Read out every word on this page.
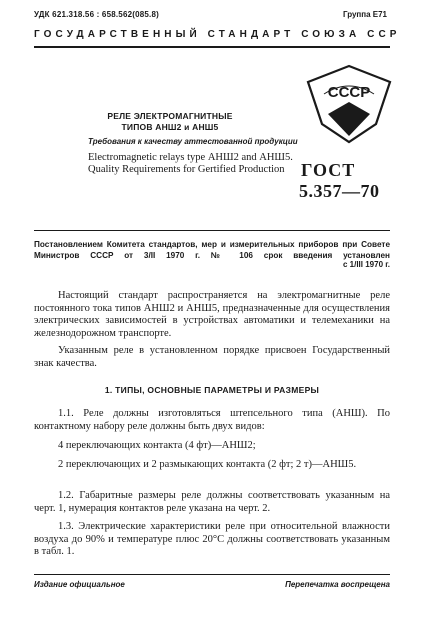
УДК 621.318.56 : 658.562(085.8)	Группа Е71
ГОСУДАРСТВЕННЫЙ СТАНДАРТ СОЮЗА ССР
РЕЛЕ ЭЛЕКТРОМАГНИТНЫЕ
ТИПОВ АНШ2 и АНШ5
Требования к качеству аттестованной продукции
Electromagnetic relays type АНШ2 and АНШ5.
Quality Requirements for Gertified Production
СССР
ГОСТ
5.357—70
Постановлением Комитета стандартов, мер и измерительных приборов при Совете Министров СССР от 3/II 1970 г. № 106 срок введения установлен
с 1/III 1970 г.
Настоящий стандарт распространяется на электромагнитные реле постоянного тока типов АНШ2 и АНШ5, предназначенные для осуществления электрических зависимостей в устройствах автоматики и телемеханики на железнодорожном транспорте.
Указанным реле в установленном порядке присвоен Государственный знак качества.
1. ТИПЫ, ОСНОВНЫЕ ПАРАМЕТРЫ И РАЗМЕРЫ
1.1. Реле должны изготовляться штепсельного типа (АНШ). По контактному набору реле должны быть двух видов:
4 переключающих контакта (4 фт)—АНШ2;
2 переключающих и 2 размыкающих контакта (2 фт; 2 т)—АНШ5.
1.2. Габаритные размеры реле должны соответствовать указанным на черт. 1, нумерация контактов реле указана на черт. 2.
1.3. Электрические характеристики реле при относительной влажности воздуха до 90% и температуре плюс 20°С должны соответствовать указанным в табл. 1.
Издание официальное	Перепечатка воспрещена
